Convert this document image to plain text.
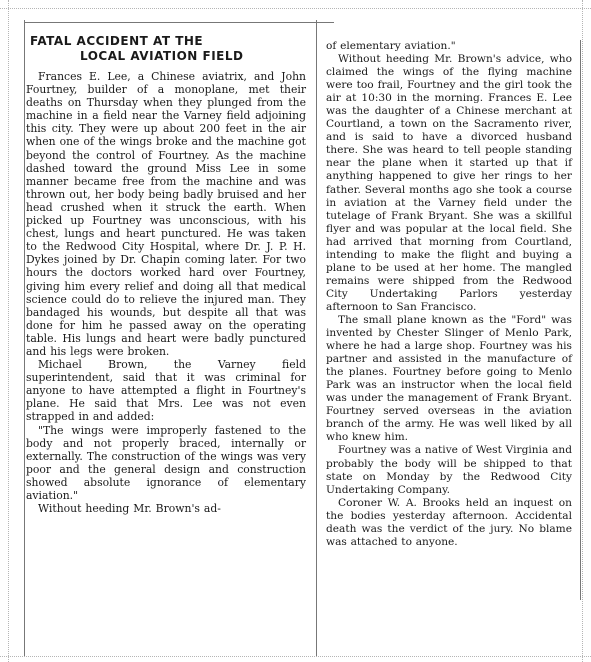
FATAL ACCIDENT AT THE
LOCAL AVIATION FIELD

Frances E. Lee, a Chinese aviatrix, and John Fourtney, builder of a monoplane, met their deaths on Thursday when they plunged from the machine in a field near the Varney field adjoining this city. They were up about 200 feet in the air when one of the wings broke and the machine got beyond the control of Fourtney. As the machine dashed toward the ground Miss Lee in some manner became free from the machine and was thrown out, her body being badly bruised and her head crushed when it struck the earth. When picked up Fourtney was unconscious, with his chest, lungs and heart punctured. He was taken to the Redwood City Hospital, where Dr. J. P. H. Dykes joined by Dr. Chapin coming later. For two hours the doctors worked hard over Fourtney, giving him every relief and doing all that medical science could do to relieve the injured man. They bandaged his wounds, but despite all that was done for him he passed away on the operating table. His lungs and heart were badly punctured and his legs were broken.

Michael Brown, the Varney field superintendent, said that it was criminal for anyone to have attempted a flight in Fourtney's plane. He said that Mrs. Lee was not even strapped in and added:

"The wings were improperly fastened to the body and not properly braced, internally or externally. The construction of the wings was very poor and the general design and construction showed absolute ignorance of elementary aviation."

Without heeding Mr. Brown's ad-

of elementary aviation."

Without heeding Mr. Brown's advice, who claimed the wings of the flying machine were too frail, Fourtney and the girl took the air at 10:30 in the morning. Frances E. Lee was the daughter of a Chinese merchant at Courtland, a town on the Sacramento river, and is said to have a divorced husband there. She was heard to tell people standing near the plane when it started up that if anything happened to give her rings to her father. Several months ago she took a course in aviation at the Varney field under the tutelage of Frank Bryant. She was a skillful flyer and was popular at the local field. She had arrived that morning from Courtland, intending to make the flight and buying a plane to be used at her home. The mangled remains were shipped from the Redwood City Undertaking Parlors yesterday afternoon to San Francisco.

The small plane known as the "Ford" was invented by Chester Slinger of Menlo Park, where he had a large shop. Fourtney was his partner and assisted in the manufacture of the planes. Fourtney before going to Menlo Park was an instructor when the local field was under the management of Frank Bryant. Fourtney served overseas in the aviation branch of the army. He was well liked by all who knew him.

Fourtney was a native of West Virginia and probably the body will be shipped to that state on Monday by the Redwood City Undertaking Company.

Coroner W. A. Brooks held an inquest on the bodies yesterday afternoon. Accidental death was the verdict of the jury. No blame was attached to anyone.
